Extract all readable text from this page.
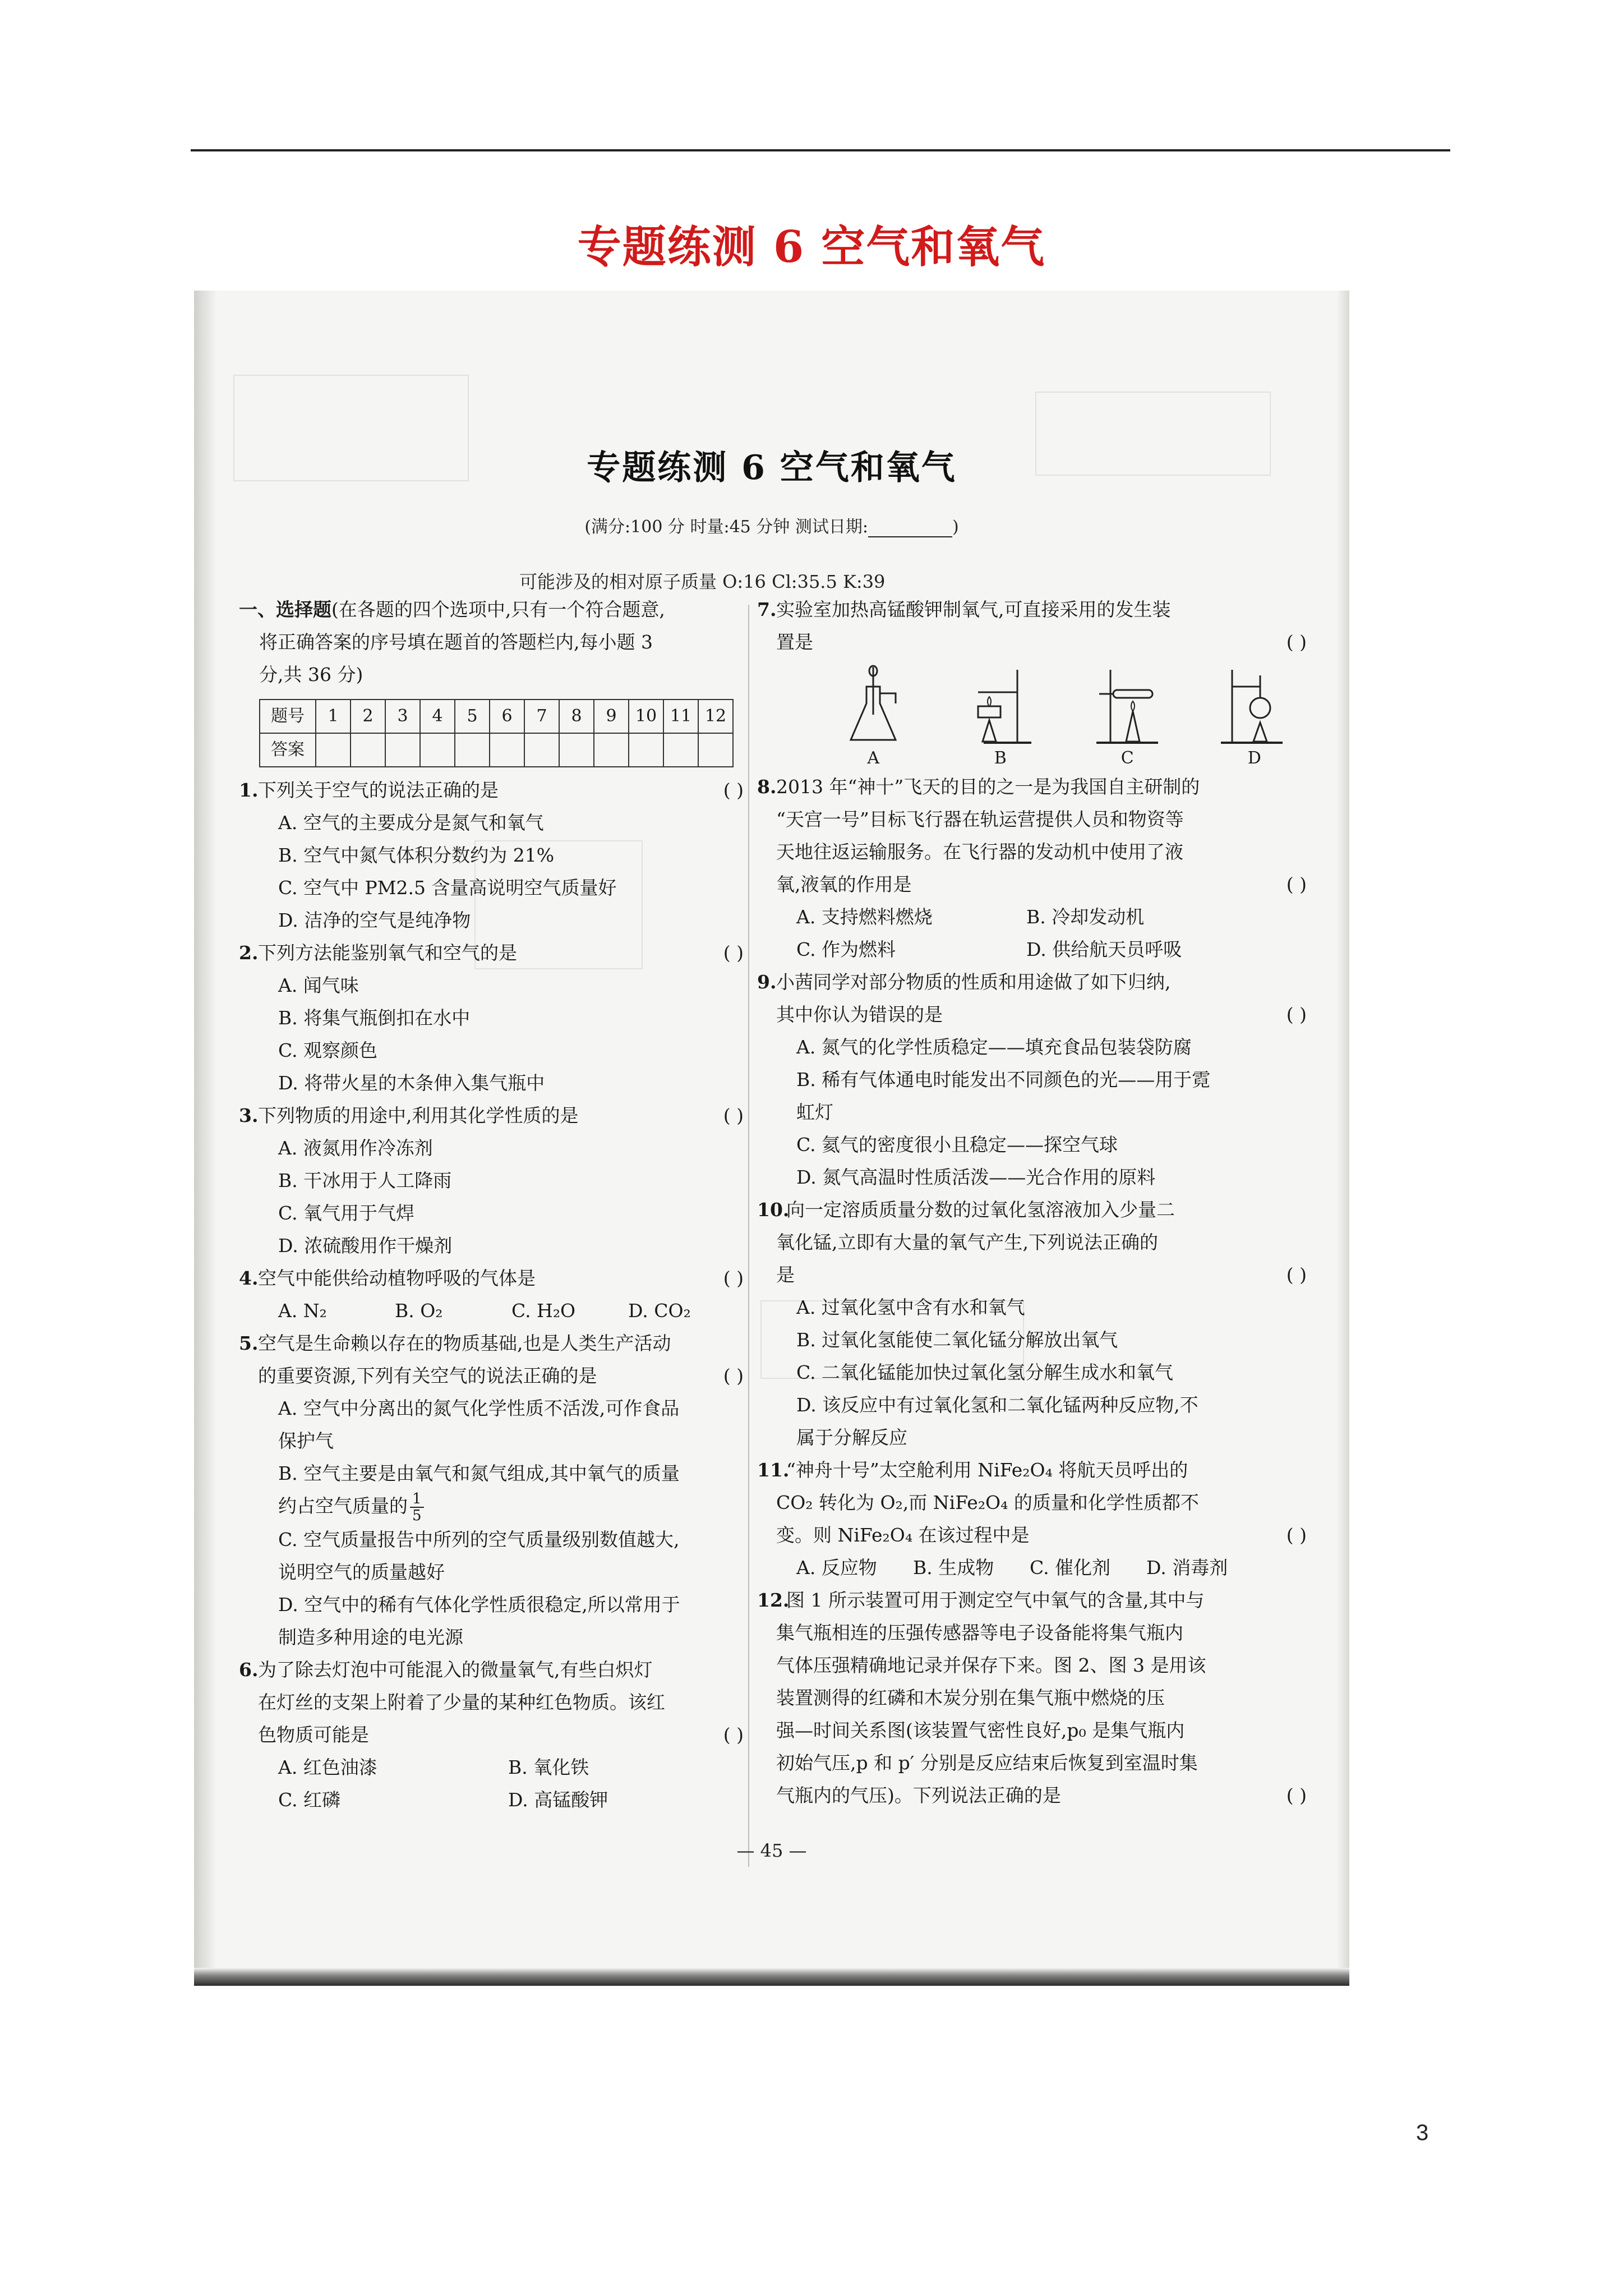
专题练测 6 空气和氧气
专题练测 6 空气和氧气
(满分:100 分 时量:45 分钟 测试日期:	)
可能涉及的相对原子质量 O:16 Cl:35.5 K:39
一、选择题(在各题的四个选项中,只有一个符合题意,
将正确答案的序号填在题首的答题栏内,每小题 3
分,共 36 分)
题号	1	2	3	4	5	6	7	8	9	10	11	12
答案												
1. 下列关于空气的说法正确的是	( )
A. 空气的主要成分是氮气和氧气
B. 空气中氮气体积分数约为 21%
C. 空气中 PM2.5 含量高说明空气质量好
D. 洁净的空气是纯净物
2. 下列方法能鉴别氧气和空气的是	( )
A. 闻气味
B. 将集气瓶倒扣在水中
C. 观察颜色
D. 将带火星的木条伸入集气瓶中
3. 下列物质的用途中,利用其化学性质的是	( )
A. 液氮用作冷冻剂
B. 干冰用于人工降雨
C. 氧气用于气焊
D. 浓硫酸用作干燥剂
4. 空气中能供给动植物呼吸的气体是	( )
A. N₂	B. O₂	C. H₂O	D. CO₂
5. 空气是生命赖以存在的物质基础,也是人类生产活动
的重要资源,下列有关空气的说法正确的是	( )
A. 空气中分离出的氮气化学性质不活泼,可作食品
保护气
B. 空气主要是由氧气和氮气组成,其中氧气的质量
约占空气质量的 $\frac{1}{5}$
C. 空气质量报告中所列的空气质量级别数值越大,
说明空气的质量越好
D. 空气中的稀有气体化学性质很稳定,所以常用于
制造多种用途的电光源
6. 为了除去灯泡中可能混入的微量氧气,有些白炽灯
在灯丝的支架上附着了少量的某种红色物质。该红
色物质可能是	( )
A. 红色油漆	B. 氧化铁
C. 红磷	D. 高锰酸钾
7. 实验室加热高锰酸钾制氧气,可直接采用的发生装
置是	( )
A	B	C	D
8. 2013 年“神十”飞天的目的之一是为我国自主研制的
“天宫一号”目标飞行器在轨运营提供人员和物资等
天地往返运输服务。在飞行器的发动机中使用了液
氧,液氧的作用是	( )
A. 支持燃料燃烧	B. 冷却发动机
C. 作为燃料	D. 供给航天员呼吸
9. 小茜同学对部分物质的性质和用途做了如下归纳,
其中你认为错误的是	( )
A. 氮气的化学性质稳定——填充食品包装袋防腐
B. 稀有气体通电时能发出不同颜色的光——用于霓
虹灯
C. 氦气的密度很小且稳定——探空气球
D. 氮气高温时性质活泼——光合作用的原料
10.
向一定溶质质量分数的过氧化氢溶液加入少量二
氧化锰,立即有大量的氧气产生,下列说法正确的
是	( )
A. 过氧化氢中含有水和氧气
B. 过氧化氢能使二氧化锰分解放出氧气
C. 二氧化锰能加快过氧化氢分解生成水和氧气
D. 该反应中有过氧化氢和二氧化锰两种反应物,不
属于分解反应
11.
“神舟十号”太空舱利用 NiFe₂O₄ 将航天员呼出的
CO₂ 转化为 O₂,而 NiFe₂O₄ 的质量和化学性质都不
变。则 NiFe₂O₄ 在该过程中是	( )
A. 反应物	B. 生成物	C. 催化剂	D. 消毒剂
12.
图 1 所示装置可用于测定空气中氧气的含量,其中与
集气瓶相连的压强传感器等电子设备能将集气瓶内
气体压强精确地记录并保存下来。图 2、图 3 是用该
装置测得的红磷和木炭分别在集气瓶中燃烧的压
强—时间关系图(该装置气密性良好,p₀ 是集气瓶内
初始气压,p 和 p′ 分别是反应结束后恢复到室温时集
气瓶内的气压)。下列说法正确的是	( )
— 45 —
3
